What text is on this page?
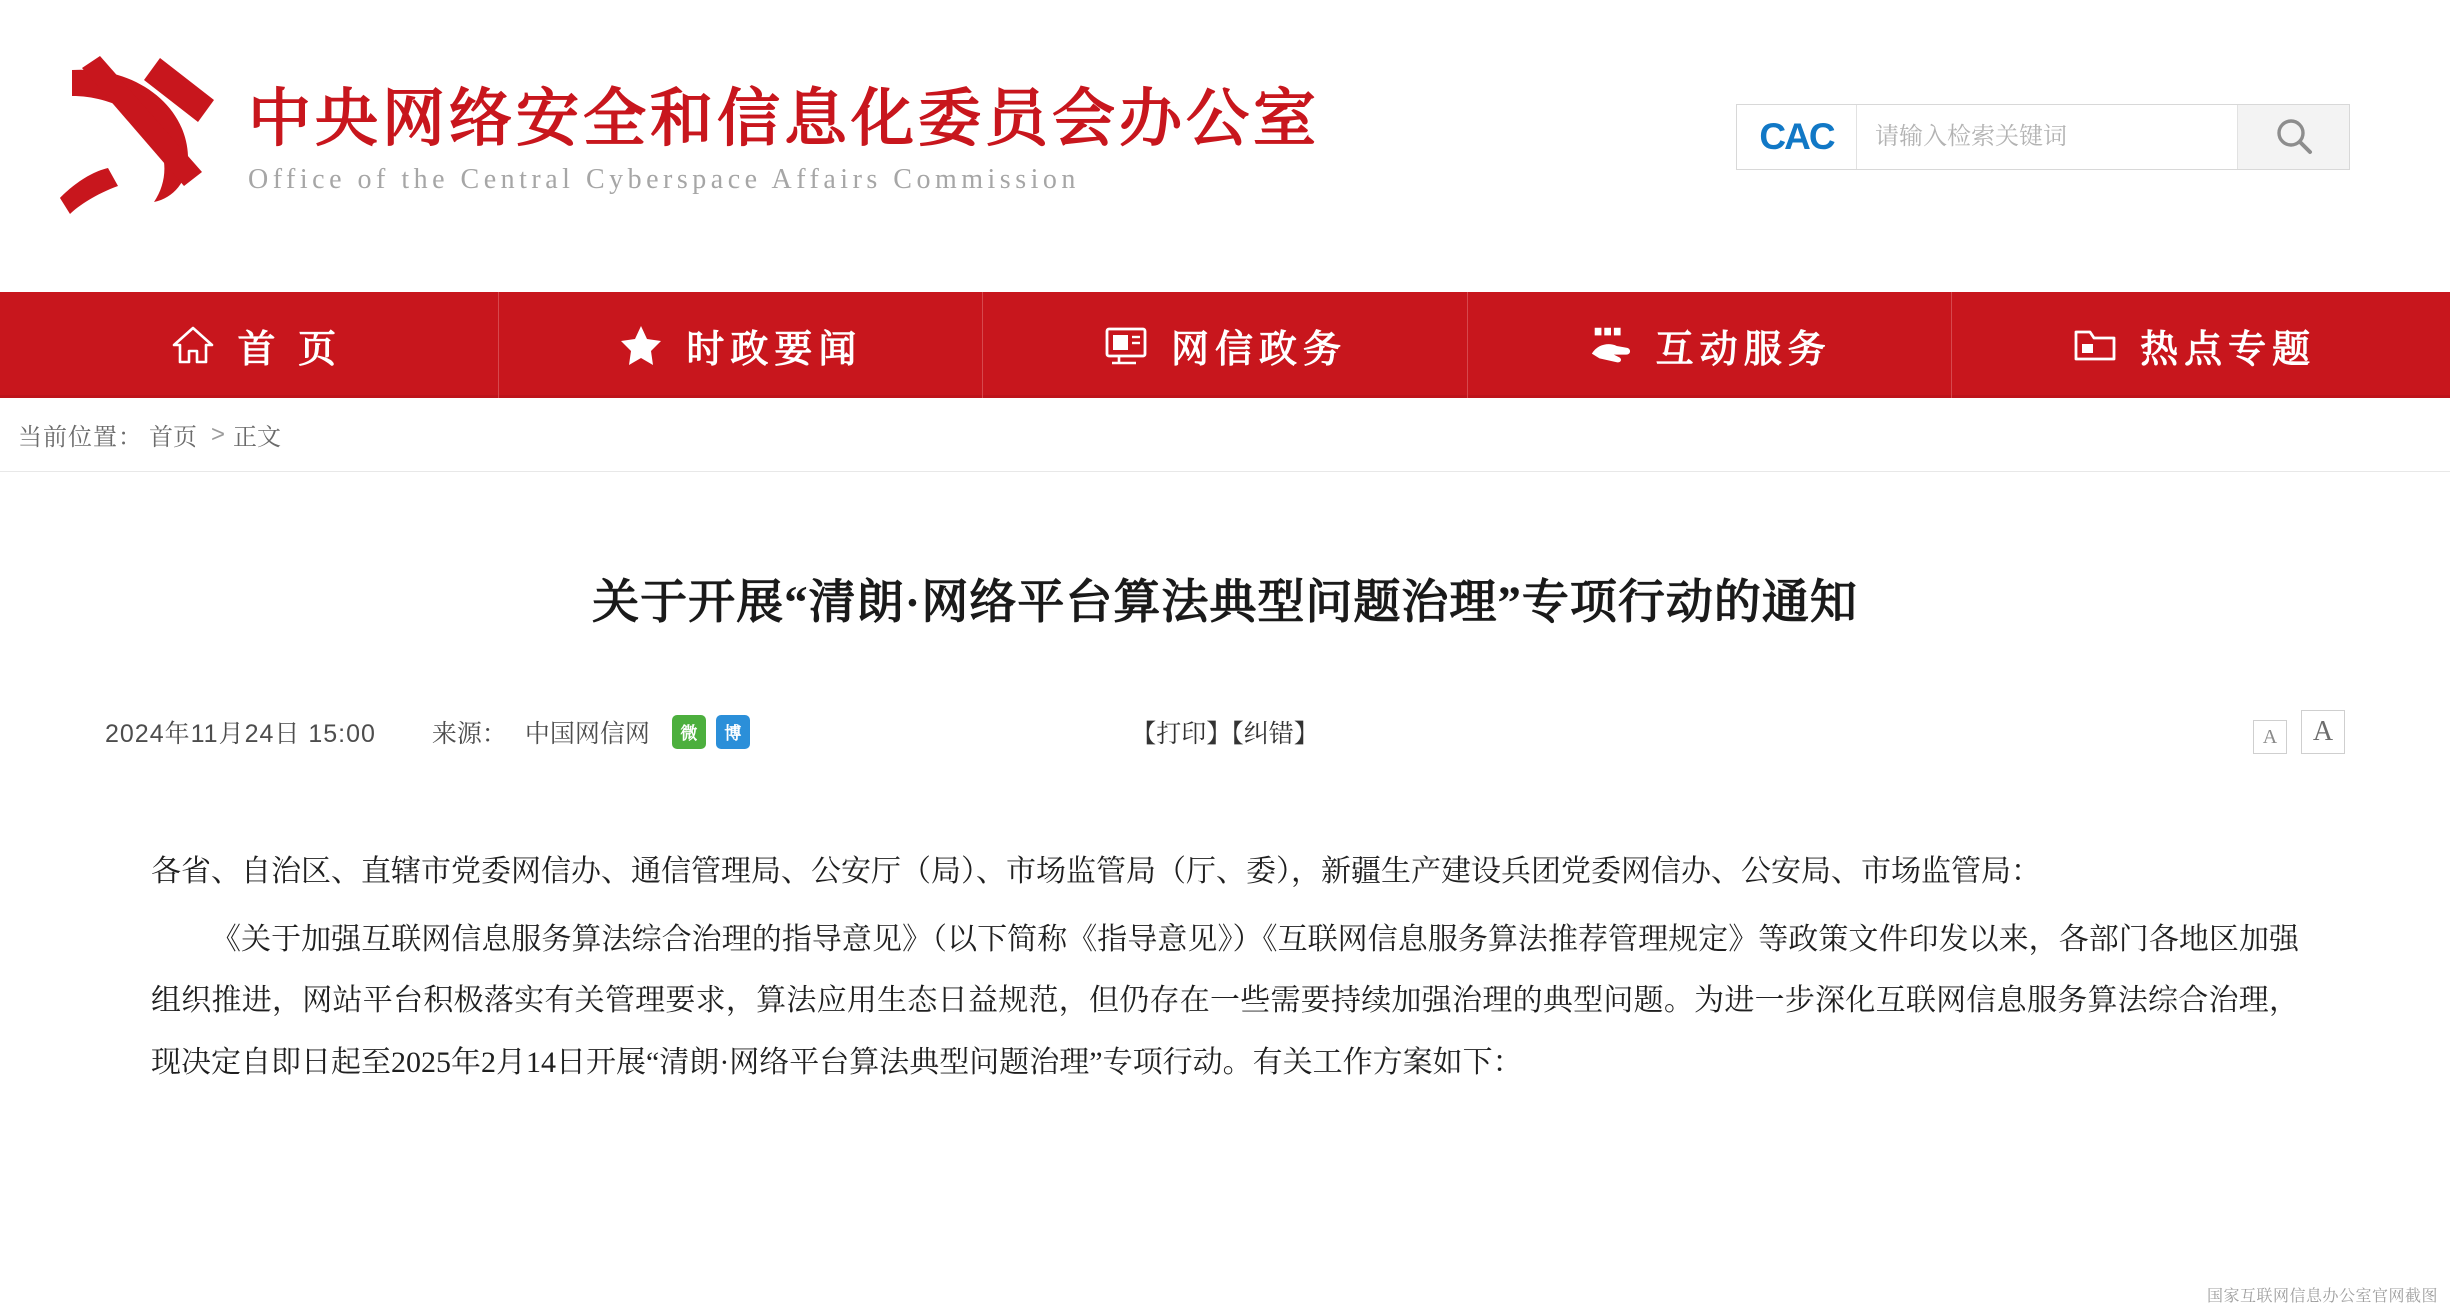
中央网络安全和信息化委员会办公室
Office of the Central Cyberspace Affairs Commission
CAC
请输入检索关键词
首 页	时政要闻	网信政务	互动服务	热点专题
当前位置： 首页 > 正文
关于开展“清朗·网络平台算法典型问题治理”专项行动的通知
2024年11月24日 15:00 来源： 中国网信网	微	博	【打印】【纠错】	A A

各省、自治区、直辖市党委网信办、通信管理局、公安厅（局）、市场监管局（厅、委），新疆生产建设兵团党委网信办、公安局、市场监管局：

《关于加强互联网信息服务算法综合治理的指导意见》（以下简称《指导意见》）《互联网信息服务算法推荐管理规定》等政策文件印发以来，各部门各地区加强组织推进，网站平台积极落实有关管理要求，算法应用生态日益规范，但仍存在一些需要持续加强治理的典型问题。为进一步深化互联网信息服务算法综合治理，现决定自即日起至2025年2月14日开展“清朗·网络平台算法典型问题治理”专项行动。有关工作方案如下：

国家互联网信息办公室官网截图
